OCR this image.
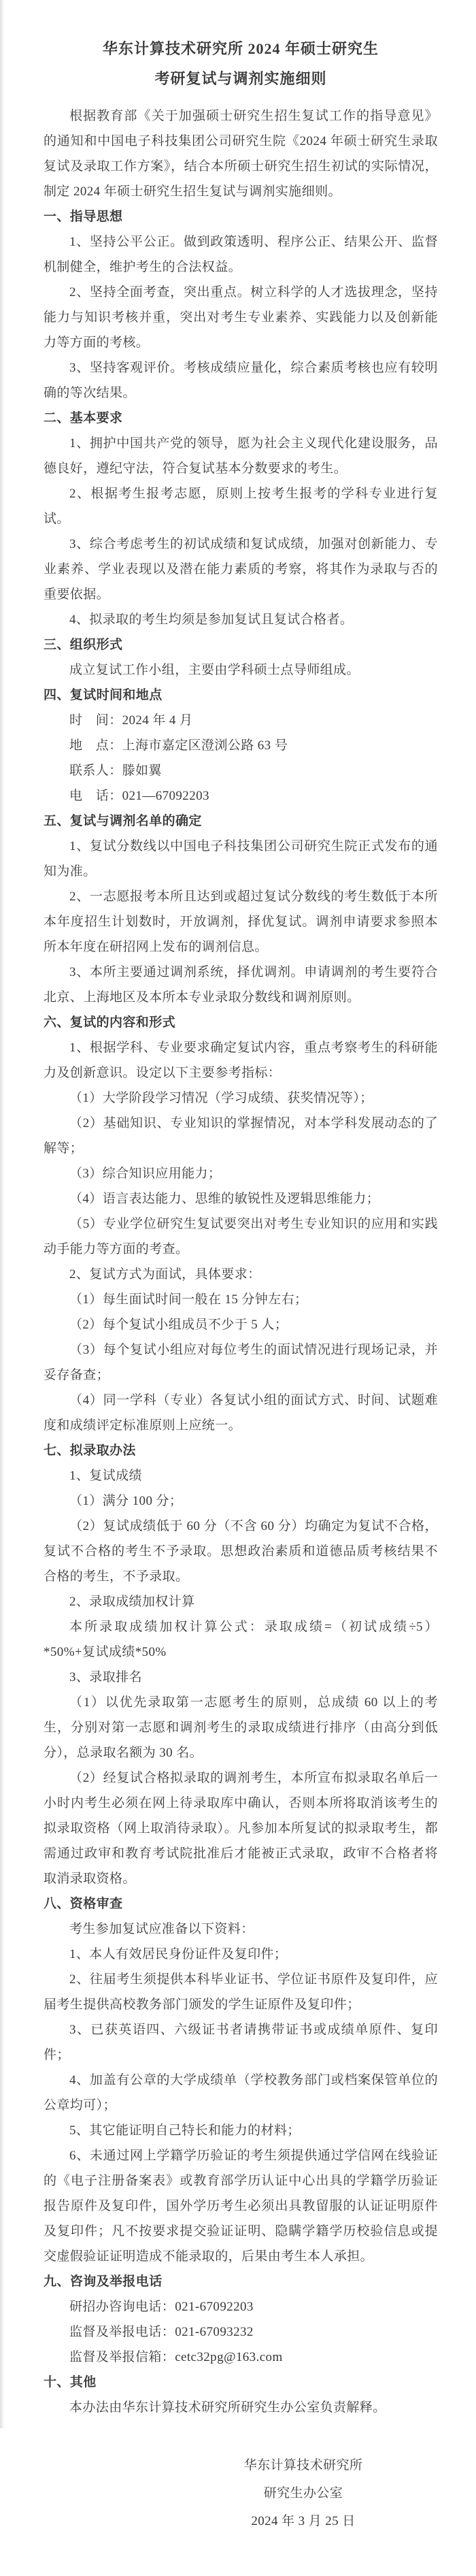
华东计算技术研究所 2024 年硕士研究生
考研复试与调剂实施细则

根据教育部《关于加强硕士研究生招生复试工作的指导意见》的通知和中国电子科技集团公司研究生院《2024 年硕士研究生录取复试及录取工作方案》，结合本所硕士研究生招生初试的实际情况，制定 2024 年硕士研究生招生复试与调剂实施细则。

一、指导思想

1、坚持公平公正。做到政策透明、程序公正、结果公开、监督机制健全，维护考生的合法权益。

2、坚持全面考查，突出重点。树立科学的人才选拔理念，坚持能力与知识考核并重，突出对考生专业素养、实践能力以及创新能力等方面的考核。

3、坚持客观评价。考核成绩应量化，综合素质考核也应有较明确的等次结果。

二、基本要求

1、拥护中国共产党的领导，愿为社会主义现代化建设服务，品德良好，遵纪守法，符合复试基本分数要求的考生。

2、根据考生报考志愿，原则上按考生报考的学科专业进行复试。

3、综合考虑考生的初试成绩和复试成绩，加强对创新能力、专业素养、学业表现以及潜在能力素质的考察，将其作为录取与否的重要依据。

4、拟录取的考生均须是参加复试且复试合格者。

三、组织形式

成立复试工作小组，主要由学科硕士点导师组成。

四、复试时间和地点

时　间：2024 年 4 月

地　点：上海市嘉定区澄浏公路 63 号

联系人：滕如翼

电　话：021—67092203

五、复试与调剂名单的确定

1、复试分数线以中国电子科技集团公司研究生院正式发布的通知为准。

2、一志愿报考本所且达到或超过复试分数线的考生数低于本所本年度招生计划数时，开放调剂，择优复试。调剂申请要求参照本所本年度在研招网上发布的调剂信息。

3、本所主要通过调剂系统，择优调剂。申请调剂的考生要符合北京、上海地区及本所本专业录取分数线和调剂原则。

六、复试的内容和形式

1、根据学科、专业要求确定复试内容，重点考察考生的科研能力及创新意识。设定以下主要参考指标：

（1）大学阶段学习情况（学习成绩、获奖情况等）；

（2）基础知识、专业知识的掌握情况，对本学科发展动态的了解等；

（3）综合知识应用能力；

（4）语言表达能力、思维的敏锐性及逻辑思维能力；

（5）专业学位研究生复试要突出对考生专业知识的应用和实践动手能力等方面的考查。

2、复试方式为面试，具体要求：

（1）每生面试时间一般在 15 分钟左右；

（2）每个复试小组成员不少于 5 人；

（3）每个复试小组应对每位考生的面试情况进行现场记录，并妥存备查；

（4）同一学科（专业）各复试小组的面试方式、时间、试题难度和成绩评定标准原则上应统一。

七、拟录取办法

1、复试成绩

（1）满分 100 分；

（2）复试成绩低于 60 分（不含 60 分）均确定为复试不合格，复试不合格的考生不予录取。思想政治素质和道德品质考核结果不合格的考生，不予录取。

2、录取成绩加权计算

本所录取成绩加权计算公式：录取成绩=（初试成绩÷5）*50%+复试成绩*50%

3、录取排名

（1）以优先录取第一志愿考生的原则，总成绩 60 以上的考生，分别对第一志愿和调剂考生的录取成绩进行排序（由高分到低分），总录取名额为 30 名。

（2）经复试合格拟录取的调剂考生，本所宣布拟录取名单后一小时内考生必须在网上待录取库中确认，否则本所将取消该考生的拟录取资格（网上取消待录取）。凡参加本所复试的拟录取考生，都需通过政审和教育考试院批准后才能被正式录取，政审不合格者将取消录取资格。

八、资格审查

考生参加复试应准备以下资料：

1、本人有效居民身份证件及复印件；

2、往届考生须提供本科毕业证书、学位证书原件及复印件，应届考生提供高校教务部门颁发的学生证原件及复印件；

3、已获英语四、六级证书者请携带证书或成绩单原件、复印件；

4、加盖有公章的大学成绩单（学校教务部门或档案保管单位的公章均可）；

5、其它能证明自己特长和能力的材料；

6、未通过网上学籍学历验证的考生须提供通过学信网在线验证的《电子注册备案表》或教育部学历认证中心出具的学籍学历验证报告原件及复印件，国外学历考生必须出具教留服的认证证明原件及复印件；凡不按要求提交验证证明、隐瞒学籍学历校验信息或提交虚假验证证明造成不能录取的，后果由考生本人承担。

九、咨询及举报电话

研招办咨询电话：021-67092203

监督及举报电话：021-67093232

监督及举报信箱：cetc32pg@163.com

十、其他

本办法由华东计算技术研究所研究生办公室负责解释。

华东计算技术研究所
研究生办公室
2024 年 3 月 25 日
